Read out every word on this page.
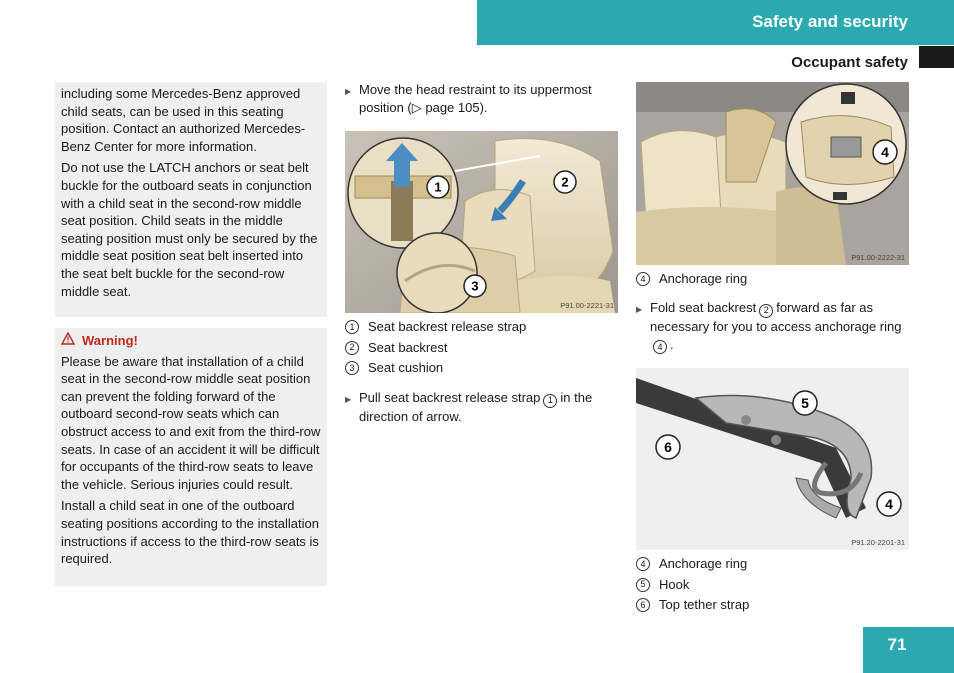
Safety and security
Occupant safety

including some Mercedes-Benz approved child seats, can be used in this seating position. Contact an authorized Mercedes-Benz Center for more information.

Do not use the LATCH anchors or seat belt buckle for the outboard seats in conjunction with a child seat in the second-row middle seat position. Child seats in the middle seating position must only be secured by the middle seat position seat belt inserted into the seat belt buckle for the second-row middle seat.

Warning!

Please be aware that installation of a child seat in the second-row middle seat position can prevent the folding forward of the outboard second-row seats which can obstruct access to and exit from the third-row seats. In case of an accident it will be difficult for occupants of the third-row seats to leave the vehicle. Serious injuries could result.

Install a child seat in one of the outboard seating positions according to the installation instructions if access to the third-row seats is required.

▶ Move the head restraint to its uppermost position (▷ page 105).
1	2
3
P91.00-2221-31
1	Seat backrest release strap
2	Seat backrest
3	Seat cushion
▶ Pull seat backrest release strap 1 in the direction of arrow.
4
P91.00-2222-31
4	Anchorage ring
▶ Fold seat backrest 2 forward as far as necessary for you to access anchorage ring 4 .
5
6
4
P91.20-2201-31
4	Anchorage ring
5	Hook
6	Top tether strap
71
